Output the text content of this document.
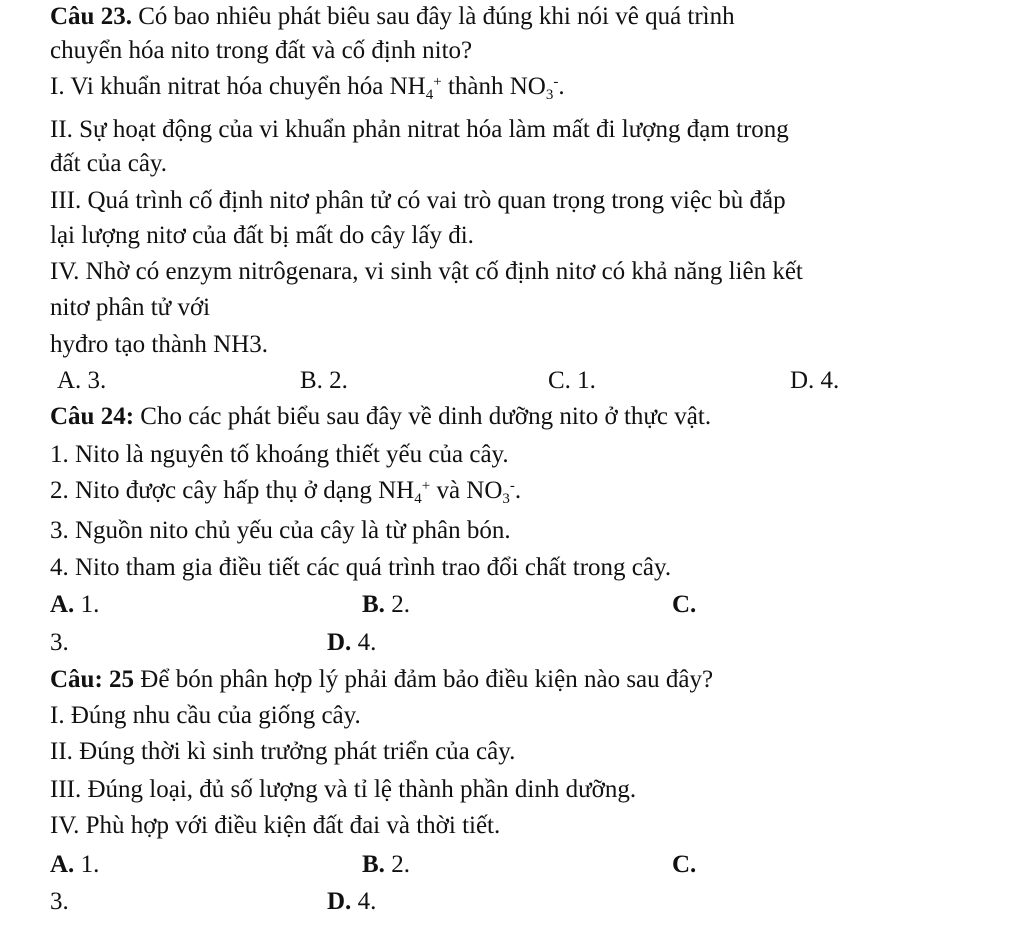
Câu 23. Có bao nhiêu phát biêu sau đây là đúng khi nói vê quá trình
chuyển hóa nito trong đất và cố định nito?
I. Vi khuẩn nitrat hóa chuyển hóa $NH_4^+$ thành $NO_3^-$.
II. Sự hoạt động của vi khuẩn phản nitrat hóa làm mất đi lượng đạm trong
đất của cây.
III. Quá trình cố định nitơ phân tử có vai trò quan trọng trong việc bù đắp
lại lượng nitơ của đất bị mất do cây lấy đi.
IV. Nhờ có enzym nitrôgenara, vi sinh vật cố định nitơ có khả năng liên kết
nitơ phân tử với
hyđro tạo thành NH3.
A. 3.	B. 2.	C. 1.	D. 4.
Câu 24: Cho các phát biểu sau đây về dinh dưỡng nito ở thực vật.
1. Nito là nguyên tố khoáng thiết yếu của cây.
2. Nito được cây hấp thụ ở dạng $NH_4^+$ và $NO_3^-$.
3. Nguồn nito chủ yếu của cây là từ phân bón.
4. Nito tham gia điều tiết các quá trình trao đổi chất trong cây.
A. 1.	B. 2.	C.
3.	D. 4.
Câu: 25 Để bón phân hợp lý phải đảm bảo điều kiện nào sau đây?
I. Đúng nhu cầu của giống cây.
II. Đúng thời kì sinh trưởng phát triển của cây.
III. Đúng loại, đủ số lượng và tỉ lệ thành phần dinh dưỡng.
IV. Phù hợp với điều kiện đất đai và thời tiết.
A. 1.	B. 2.	C.
3.	D. 4.
